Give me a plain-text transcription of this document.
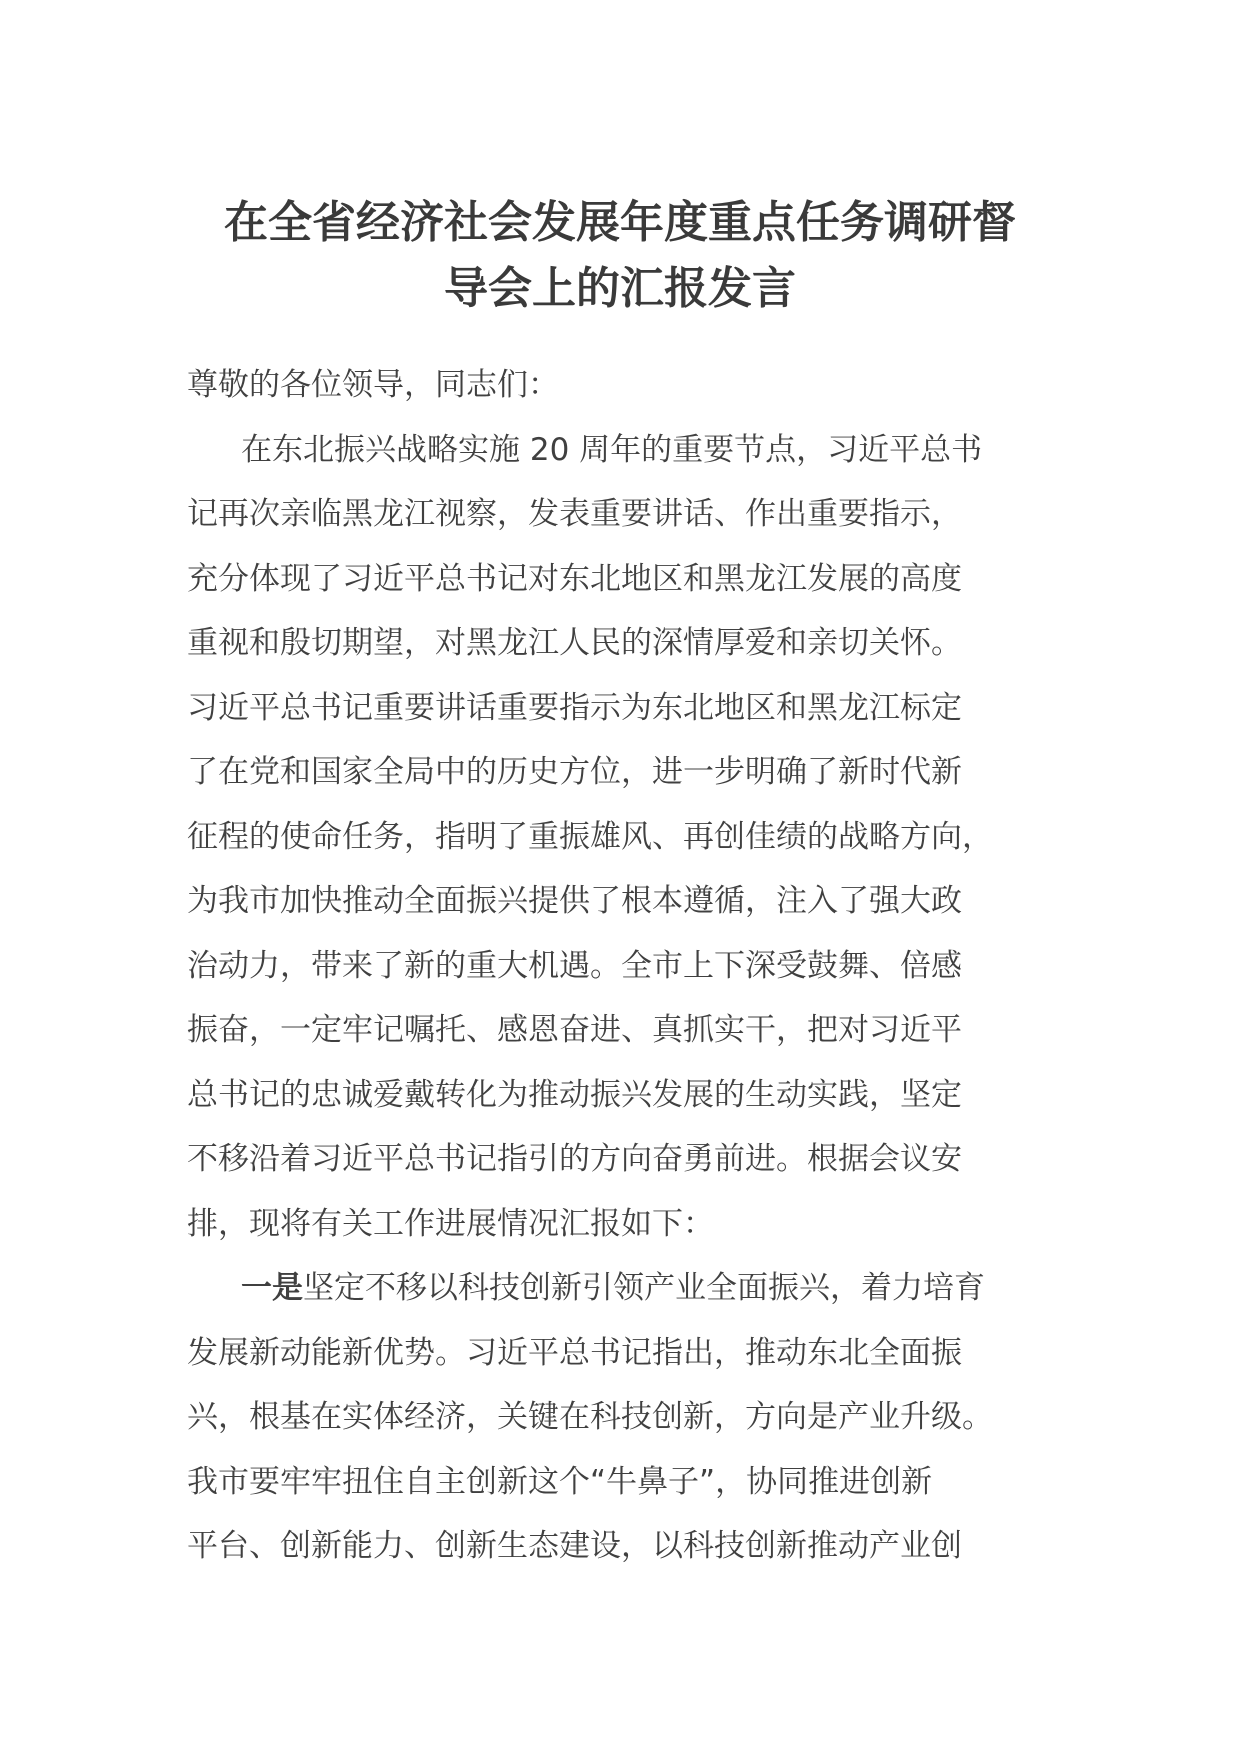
在全省经济社会发展年度重点任务调研督
导会上的汇报发言
尊敬的各位领导，同志们：
在东北振兴战略实施 20 周年的重要节点，习近平总书
记再次亲临黑龙江视察，发表重要讲话、作出重要指示，
充分体现了习近平总书记对东北地区和黑龙江发展的高度
重视和殷切期望，对黑龙江人民的深情厚爱和亲切关怀。
习近平总书记重要讲话重要指示为东北地区和黑龙江标定
了在党和国家全局中的历史方位，进一步明确了新时代新
征程的使命任务，指明了重振雄风、再创佳绩的战略方向，
为我市加快推动全面振兴提供了根本遵循，注入了强大政
治动力，带来了新的重大机遇。全市上下深受鼓舞、倍感
振奋，一定牢记嘱托、感恩奋进、真抓实干，把对习近平
总书记的忠诚爱戴转化为推动振兴发展的生动实践，坚定
不移沿着习近平总书记指引的方向奋勇前进。根据会议安
排，现将有关工作进展情况汇报如下：
一是坚定不移以科技创新引领产业全面振兴，着力培育
发展新动能新优势。习近平总书记指出，推动东北全面振
兴，根基在实体经济，关键在科技创新，方向是产业升级。
我市要牢牢扭住自主创新这个“牛鼻子”，协同推进创新
平台、创新能力、创新生态建设，以科技创新推动产业创
